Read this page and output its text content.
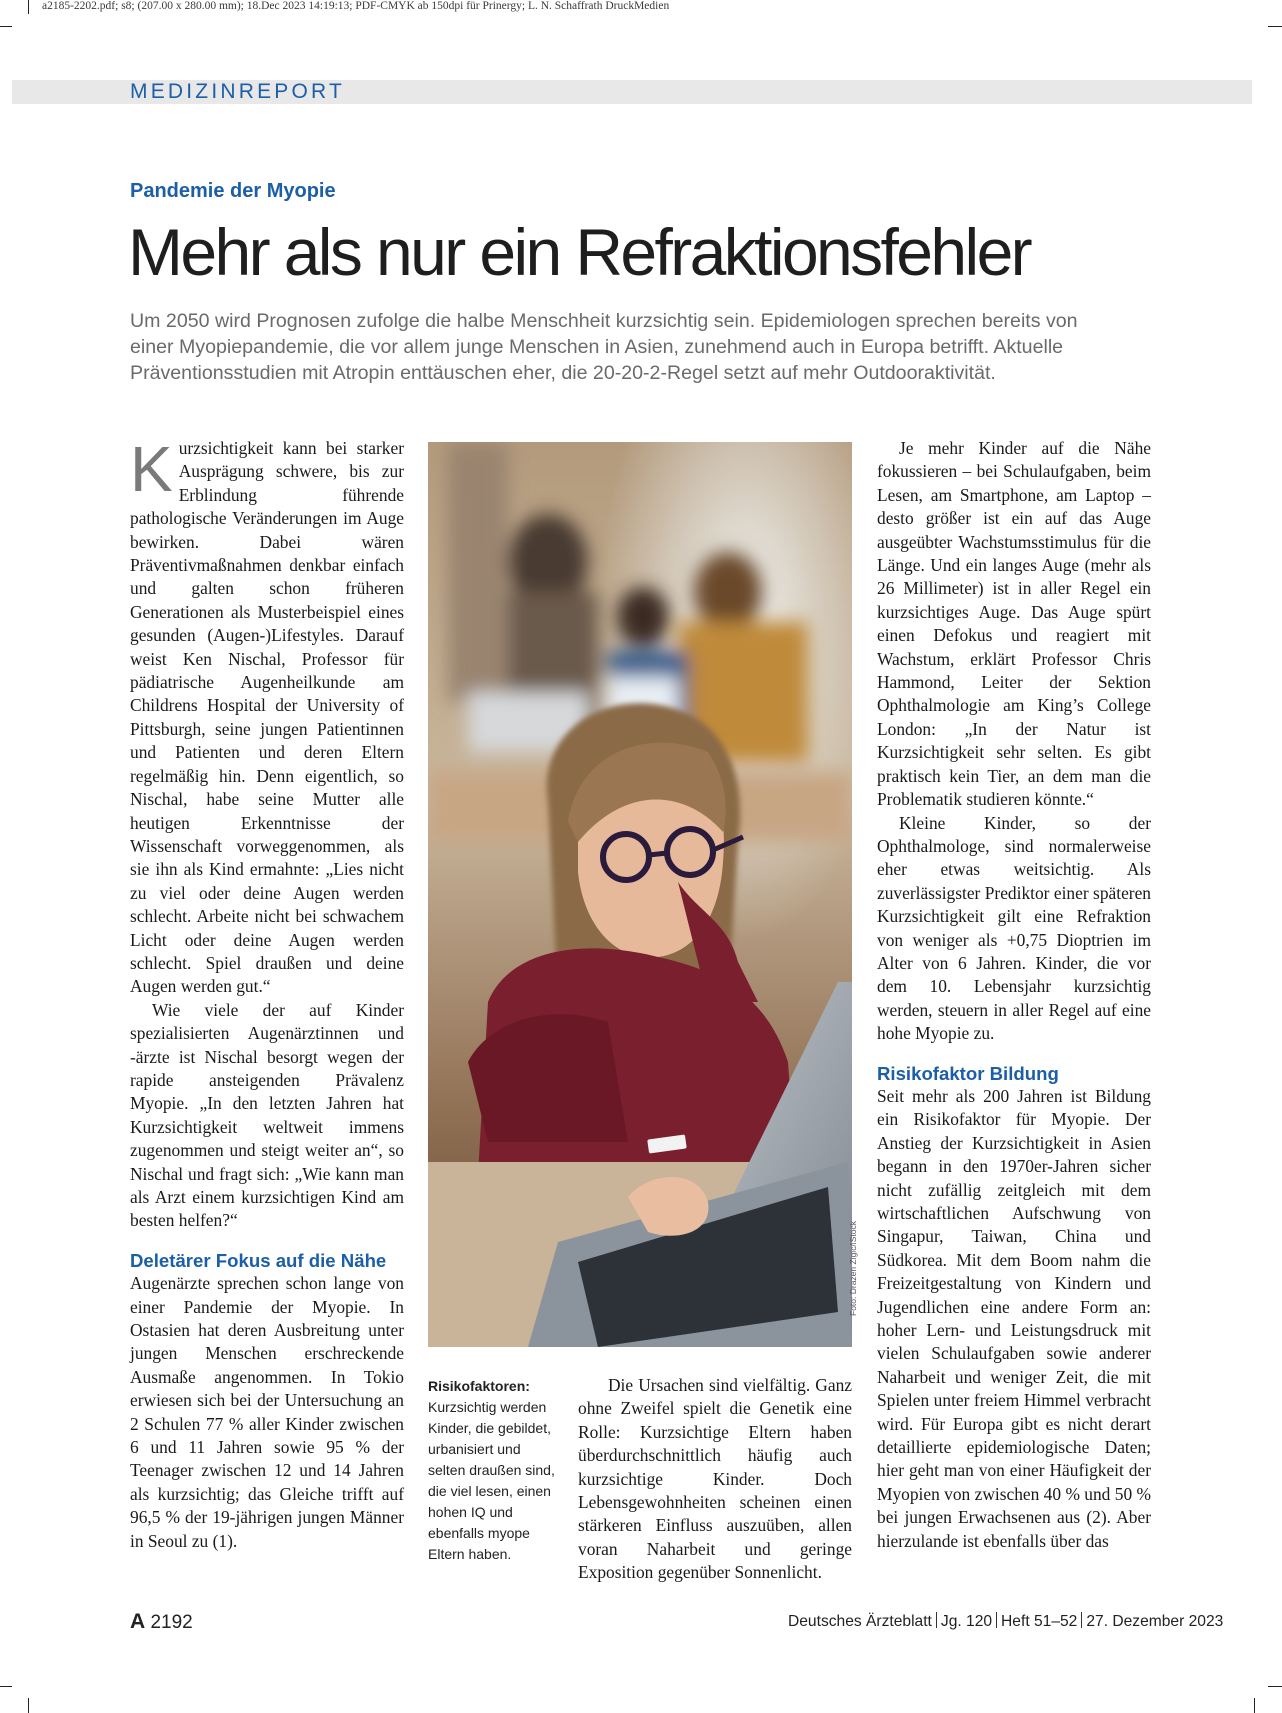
a2185-2202.pdf; s8; (207.00 x 280.00 mm); 18.Dec 2023 14:19:13; PDF-CMYK ab 150dpi für Prinergy; L. N. Schaffrath DruckMedien
MEDIZINREPORT
Pandemie der Myopie
Mehr als nur ein Refraktionsfehler
Um 2050 wird Prognosen zufolge die halbe Menschheit kurzsichtig sein. Epidemiologen sprechen bereits von einer Myopiepandemie, die vor allem junge Menschen in Asien, zunehmend auch in Europa betrifft. Aktuelle Präventionsstudien mit Atropin enttäuschen eher, die 20-20-2-Regel setzt auf mehr Outdooraktivität.

Kurzsichtigkeit kann bei starker Ausprägung schwere, bis zur Erblindung führende pathologische Veränderungen im Auge bewirken. Dabei wären Präventivmaßnahmen denkbar einfach und galten schon früheren Generationen als Musterbeispiel eines gesunden (Augen-)Lifestyles. Darauf weist Ken Nischal, Professor für pädiatrische Augenheilkunde am Childrens Hospital der University of Pittsburgh, seine jungen Patientinnen und Patienten und deren Eltern regelmäßig hin. Denn eigentlich, so Nischal, habe seine Mutter alle heutigen Erkenntnisse der Wissenschaft vorweggenommen, als sie ihn als Kind ermahnte: „Lies nicht zu viel oder deine Augen werden schlecht. Arbeite nicht bei schwachem Licht oder deine Augen werden schlecht. Spiel draußen und deine Augen werden gut.“

Wie viele der auf Kinder spezialisierten Augenärztinnen und -ärzte ist Nischal besorgt wegen der rapide ansteigenden Prävalenz Myopie. „In den letzten Jahren hat Kurzsichtigkeit weltweit immens zugenommen und steigt weiter an“, so Nischal und fragt sich: „Wie kann man als Arzt einem kurzsichtigen Kind am besten helfen?“

Deletärer Fokus auf die Nähe

Augenärzte sprechen schon lange von einer Pandemie der Myopie. In Ostasien hat deren Ausbreitung unter jungen Menschen erschreckende Ausmaße angenommen. In Tokio erwiesen sich bei der Untersuchung an 2 Schulen 77 % aller Kinder zwischen 6 und 11 Jahren sowie 95 % der Teenager zwischen 12 und 14 Jahren als kurzsichtig; das Gleiche trifft auf 96,5 % der 19-jährigen jungen Männer in Seoul zu (1).

Foto: Drazen Zigic/iStock
Risikofaktoren:
Kurzsichtig werden Kinder, die gebildet, urbanisiert und selten draußen sind, die viel lesen, einen hohen IQ und ebenfalls myope Eltern haben.

Die Ursachen sind vielfältig. Ganz ohne Zweifel spielt die Genetik eine Rolle: Kurzsichtige Eltern haben überdurchschnittlich häufig auch kurzsichtige Kinder. Doch Lebensgewohnheiten scheinen einen stärkeren Einfluss auszuüben, allen voran Naharbeit und geringe Exposition gegenüber Sonnenlicht.

Je mehr Kinder auf die Nähe fokussieren – bei Schulaufgaben, beim Lesen, am Smartphone, am Laptop – desto größer ist ein auf das Auge ausgeübter Wachstumsstimulus für die Länge. Und ein langes Auge (mehr als 26 Millimeter) ist in aller Regel ein kurzsichtiges Auge. Das Auge spürt einen Defokus und reagiert mit Wachstum, erklärt Professor Chris Hammond, Leiter der Sektion Ophthalmologie am King’s College London: „In der Natur ist Kurzsichtigkeit sehr selten. Es gibt praktisch kein Tier, an dem man die Problematik studieren könnte.“

Kleine Kinder, so der Ophthalmologe, sind normalerweise eher etwas weitsichtig. Als zuverlässigster Prediktor einer späteren Kurzsichtigkeit gilt eine Refraktion von weniger als +0,75 Dioptrien im Alter von 6 Jahren. Kinder, die vor dem 10. Lebensjahr kurzsichtig werden, steuern in aller Regel auf eine hohe Myopie zu.

Risikofaktor Bildung

Seit mehr als 200 Jahren ist Bildung ein Risikofaktor für Myopie. Der Anstieg der Kurzsichtigkeit in Asien begann in den 1970er-Jahren sicher nicht zufällig zeitgleich mit dem wirtschaftlichen Aufschwung von Singapur, Taiwan, China und Südkorea. Mit dem Boom nahm die Freizeitgestaltung von Kindern und Jugendlichen eine andere Form an: hoher Lern- und Leistungsdruck mit vielen Schulaufgaben sowie anderer Naharbeit und weniger Zeit, die mit Spielen unter freiem Himmel verbracht wird. Für Europa gibt es nicht derart detaillierte epidemiologische Daten; hier geht man von einer Häufigkeit der Myopien von zwischen 40 % und 50 % bei jungen Erwachsenen aus (2). Aber hierzulande ist ebenfalls über das

A 2192	Deutsches Ärzteblatt Jg. 120 Heft 51–52 27. Dezember 2023
